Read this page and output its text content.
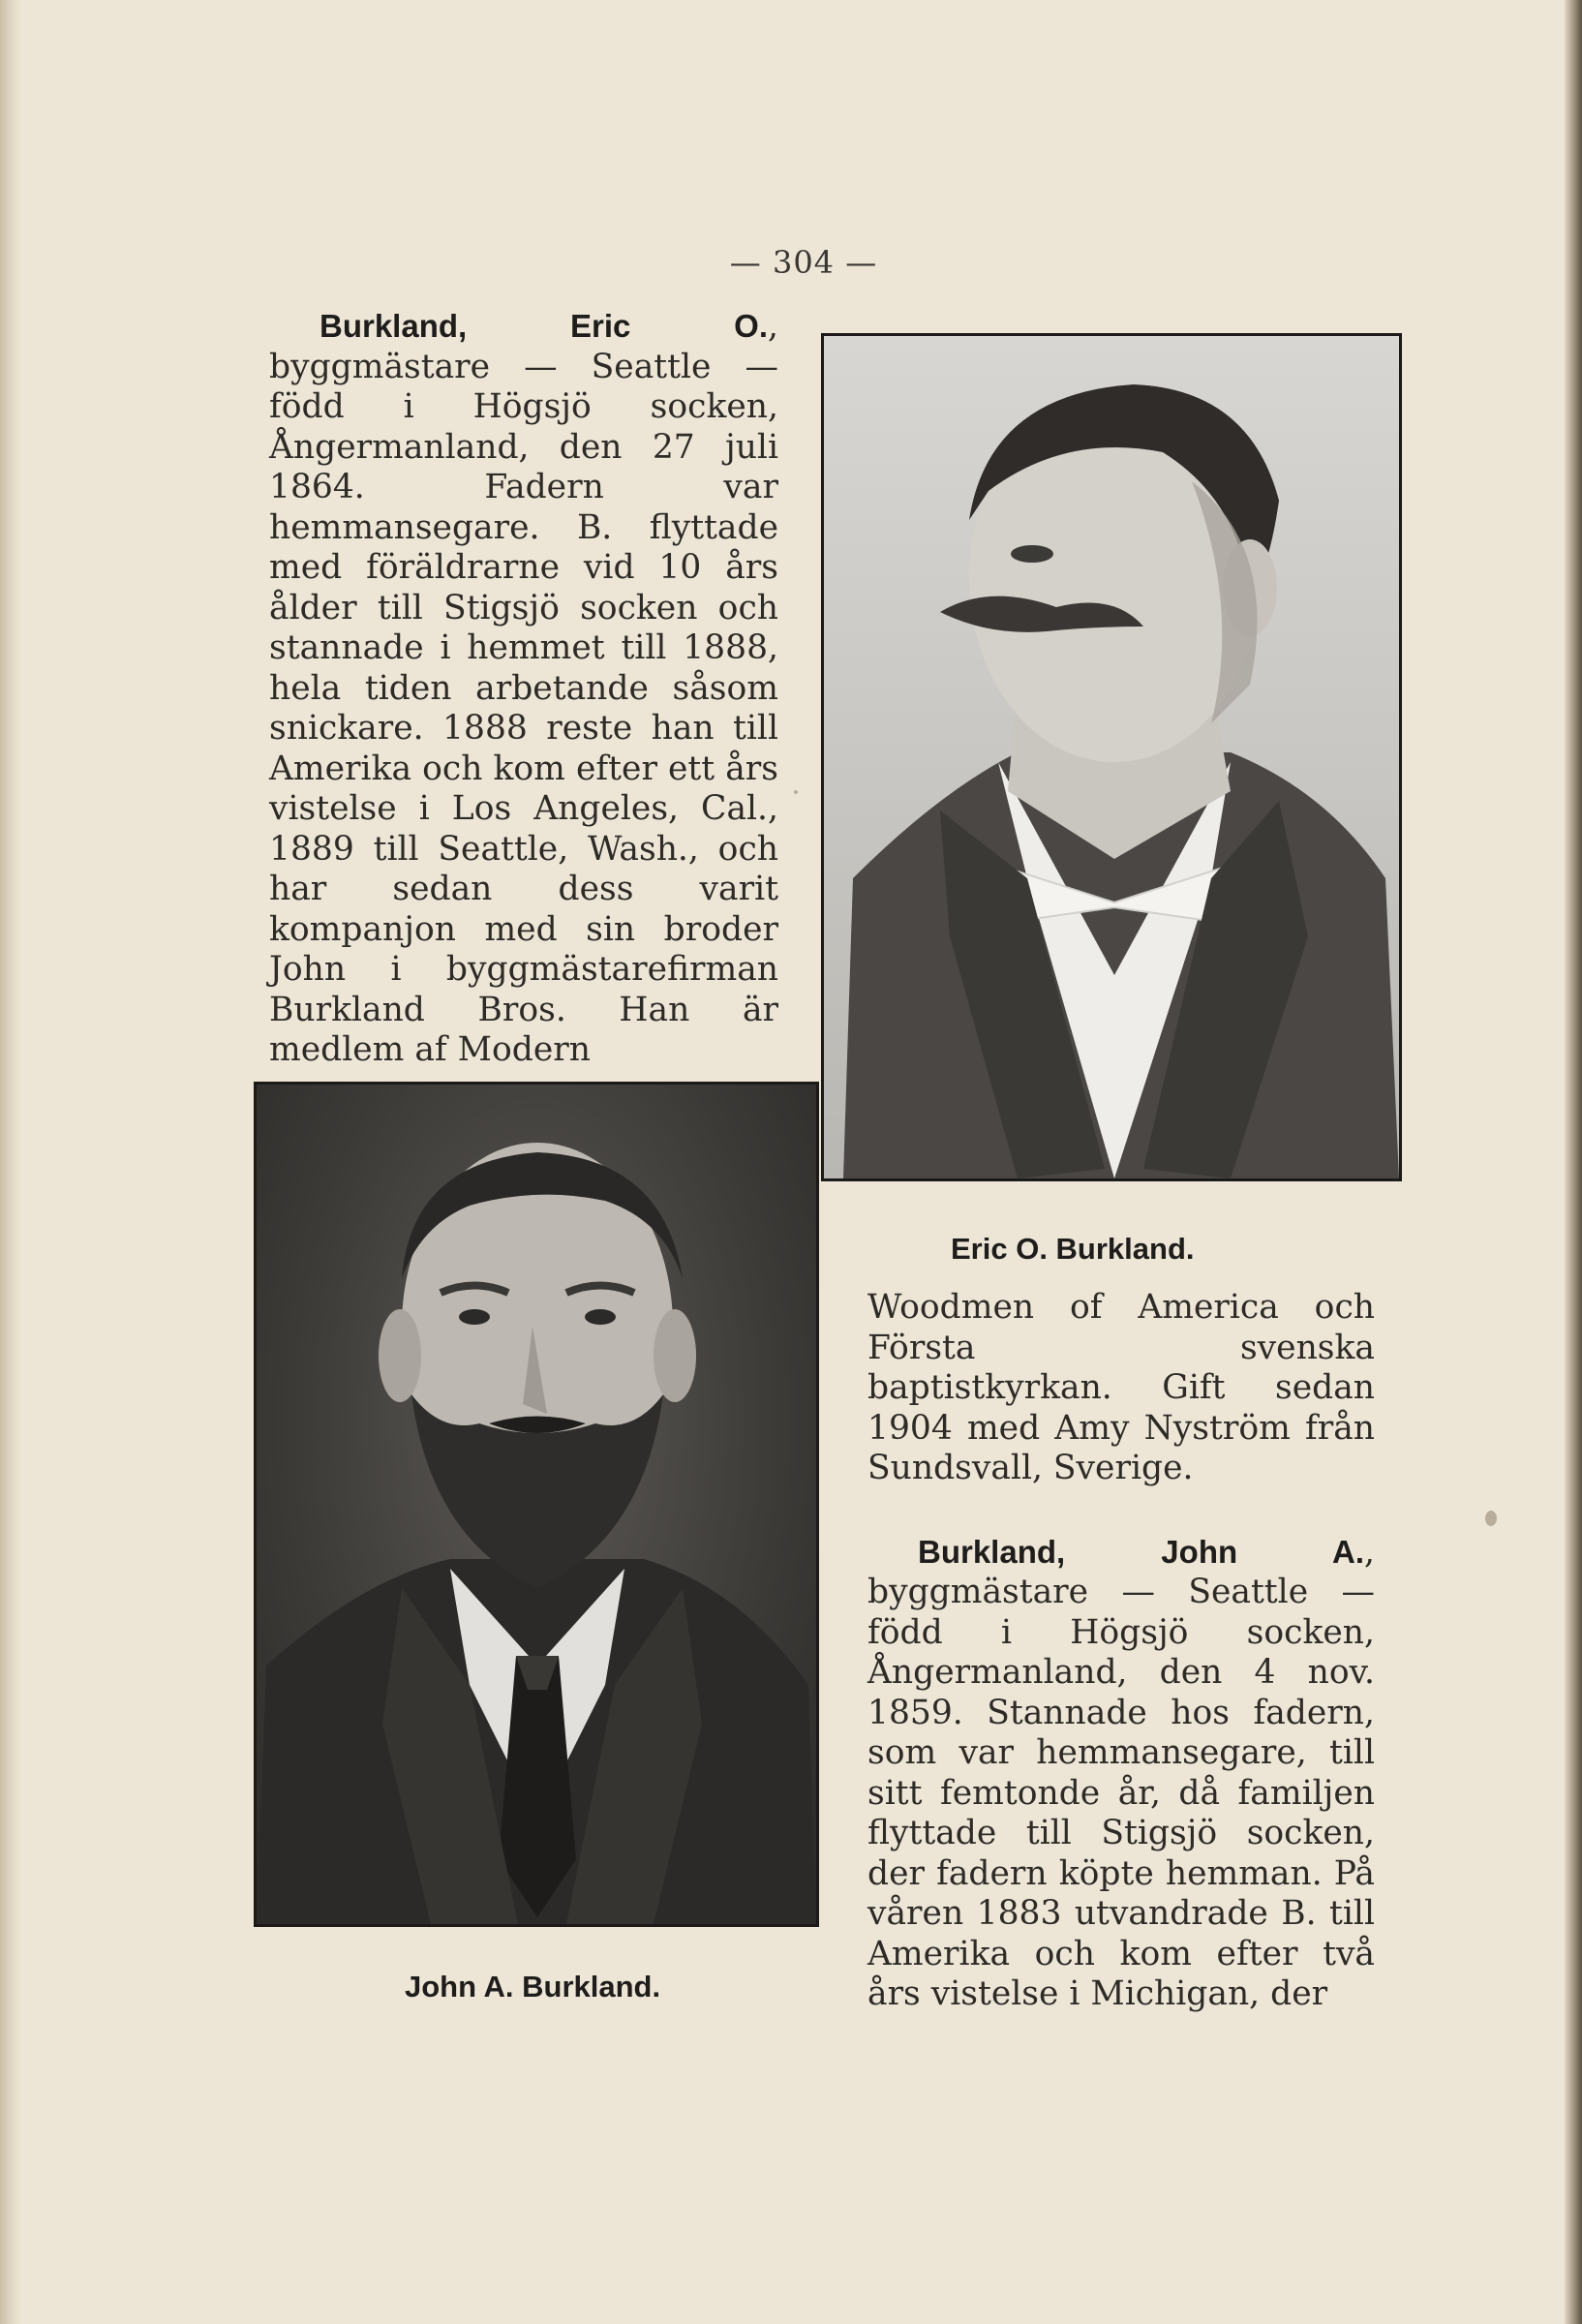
— 304 —
Burkland, Eric O., byggmästare — Seattle — född i Högsjö socken, Ångermanland, den 27 juli 1864. Fadern var hemmansegare. B. flyttade med föräldrarne vid 10 års ålder till Stigsjö socken och stannade i hemmet till 1888, hela tiden arbetande såsom snickare. 1888 reste han till Amerika och kom efter ett års vistelse i Los Angeles, Cal., 1889 till Seattle, Wash., och har sedan dess varit kompanjon med sin broder John i byggmästarefirman Burkland Bros. Han är medlem af Modern
Eric O. Burkland.
John A. Burkland.
Woodmen of America och Första svenska baptistkyrkan. Gift sedan 1904 med Amy Nyström från Sundsvall, Sverige.
Burkland, John A., byggmästare — Seattle — född i Högsjö socken, Ångermanland, den 4 nov. 1859. Stannade hos fadern, som var hemmansegare, till sitt femtonde år, då familjen flyttade till Stigsjö socken, der fadern köpte hemman. På våren 1883 utvandrade B. till Amerika och kom efter två års vistelse i Michigan, der
